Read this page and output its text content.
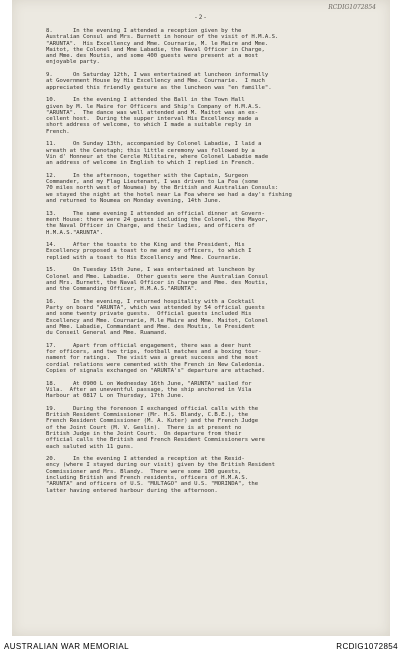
RCDIG1072854
-2-
8.      In the evening I attended a reception given by the
Australian Consul and Mrs. Burnett in honour of the visit of H.M.A.S.
"ARUNTA".  His Excellency and Mme. Cournarie, M. le Maire and Mme.
Maitot, the Colonel and Mme Labadie, the Naval Officer in Charge,
and Mme. des Moutis, and some 400 guests were present at a most
enjoyable party.
9.      On Saturday 12th, I was entertained at luncheon informally
at Government House by His Excellency and Mme. Cournarie.  I much
appreciated this friendly gesture as the luncheon was "en famille".
10.     In the evening I attended the Ball in the Town Hall
given by M. le Maire for Officers and Ship's Company of H.M.A.S.
"ARUNTA".  The dance was well attended and M. Maitot was an ex-
cellent host.  During the supper interval His Excellency made a
short address of welcome, to which I made a suitable reply in
French.
11.     On Sunday 13th, accompanied by Colonel Labadie, I laid a
wreath at the Cenotaph; this little ceremony was followed by a
Vin d' Honneur at the Cercle Militaire, where Colonel Labadie made
an address of welcome in English to which I replied in French.
12.     In the afternoon, together with the Captain, Surgeon
Commander, and my Flag Lieutenant, I was driven to La Foa (some
70 miles north west of Noumea) by the British and Australian Consuls:
we stayed the night at the hotel near La Foa where we had a day's fishing
and returned to Noumea on Monday evening, 14th June.
13.     The same evening I attended an official dinner at Govern-
ment House: there were 24 guests including the Colonel, the Mayor,
the Naval Officer in Charge, and their ladies, and officers of
H.M.A.S."ARUNTA".
14.     After the toasts to the King and the President, His
Excellency proposed a toast to me and my officers, to which I
replied with a toast to His Excellency and Mme. Cournarie.
15.     On Tuesday 15th June, I was entertained at luncheon by
Colonel and Mme. Labadie.  Other guests were the Australian Consul
and Mrs. Burnett, the Naval Officer in Charge and Mme. des Moutis,
and the Commanding Officer, H.M.A.S."ARUNTA".
16.     In the evening, I returned hospitality with a Cocktail
Party on board "ARUNTA", which was attended by 54 official guests
and some twenty private guests.  Official guests included His
Excellency and Mme. Cournarie, M.le Maire and Mme. Maitot, Colonel
and Mme. Labadie, Commandant and Mme. des Moutis, le President
du Conseil General and Mme. Ruamand.
17.     Apart from official engagement, there was a deer hunt
for officers, and two trips, football matches and a boxing tour-
nament for ratings.  The visit was a great success and the most
cordial relations were cemented with the French in New Caledonia.
Copies of signals exchanged on "ARUNTA's" departure are attached.
18.     At 0900 L on Wednesday 16th June, "ARUNTA" sailed for
Vila.  After an uneventful passage, the ship anchored in Vila
Harbour at 0817 L on Thursday, 17th June.
19.     During the forenoon I exchanged official calls with the
British Resident Commissioner (Mr. H.S. Blandy, C.B.E.), the
French Resident Commissioner (M. A. Kuter) and the French Judge
of the Joint Court (M. V. Geslin).  There is at present no
British Judge in the Joint Court.  On departure from their
official calls the British and French Resident Commissioners were
each saluted with 11 guns.
20.     In the evening I attended a reception at the Resid-
ency (where I stayed during our visit) given by the British Resident
Commissioner and Mrs. Blandy.  There were some 100 guests,
including British and French residents, officers of H.M.A.S.
"ARUNTA" and officers of U.S. "MULTAGO" and U.S. "MORINDA", the
latter having entered harbour during the afternoon.
AUSTRALIAN WAR MEMORIAL	RCDIG1072854
